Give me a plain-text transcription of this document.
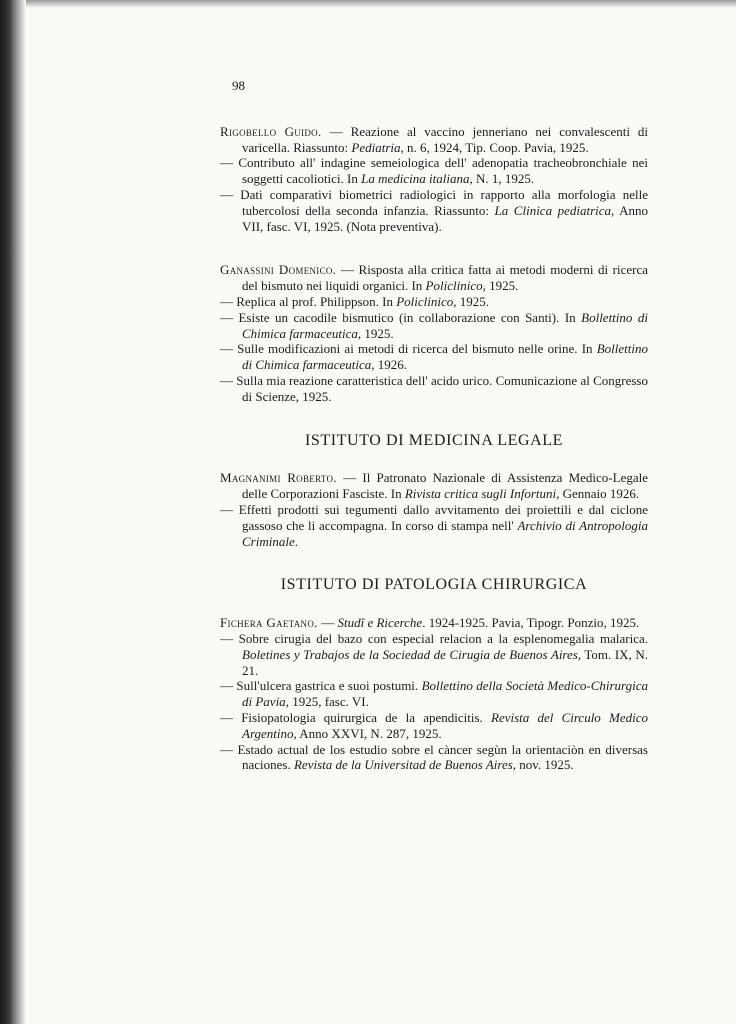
98
Rigobello Guido. — Reazione al vaccino jenneriano nei convalescenti di varicella. Riassunto: Pediatria, n. 6, 1924, Tip. Coop. Pavia, 1925.
— Contributo all' indagine semeiologica dell' adenopatia tracheobronchiale nei soggetti cacoliotici. In La medicina italiana, N. 1, 1925.
— Dati comparativi biometrici radiologici in rapporto alla morfologia nelle tubercolosi della seconda infanzia. Riassunto: La Clinica pediatrica, Anno VII, fasc. VI, 1925. (Nota preventiva).
Ganassini Domenico. — Risposta alla critica fatta ai metodi moderni di ricerca del bismuto nei liquidi organici. In Policlinico, 1925.
— Replica al prof. Philippson. In Policlinico, 1925.
— Esiste un cacodile bismutico (in collaborazione con Santi). In Bollettino di Chimica farmaceutica, 1925.
— Sulle modificazioni ai metodi di ricerca del bismuto nelle orine. In Bollettino di Chimica farmaceutica, 1926.
— Sulla mia reazione caratteristica dell' acido urico. Comunicazione al Congresso di Scienze, 1925.
ISTITUTO DI MEDICINA LEGALE
Magnanimi Roberto. — Il Patronato Nazionale di Assistenza Medico-Legale delle Corporazioni Fasciste. In Rivista critica sugli Infortuni, Gennaio 1926.
— Effetti prodotti sui tegumenti dallo avvitamento dei proiettili e dal ciclone gassoso che li accompagna. In corso di stampa nell' Archivio di Antropologia Criminale.
ISTITUTO DI PATOLOGIA CHIRURGICA
Fichera Gaetano. — Studî e Ricerche. 1924-1925. Pavia, Tipogr. Ponzio, 1925.
— Sobre cirugia del bazo con especial relacion a la esplenomegalia malarica. Boletines y Trabajos de la Sociedad de Cirugia de Buenos Aires, Tom. IX, N. 21.
— Sull'ulcera gastrica e suoi postumi. Bollettino della Società Medico-Chirurgica di Pavia, 1925, fasc. VI.
— Fisiopatologia quirurgica de la apendicitis. Revista del Circulo Medico Argentino, Anno XXVI, N. 287, 1925.
— Estado actual de los estudio sobre el càncer segùn la orientaciòn en diversas naciones. Revista de la Universitad de Buenos Aires, nov. 1925.
